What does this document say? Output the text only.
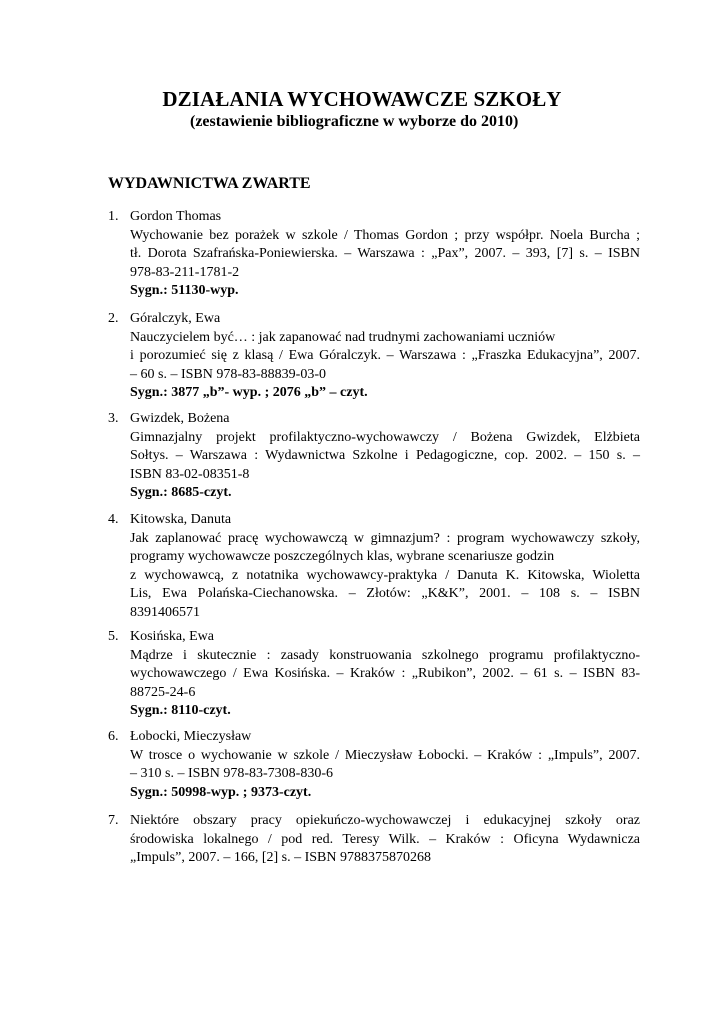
DZIAŁANIA WYCHOWAWCZE SZKOŁY
(zestawienie bibliograficzne w wyborze do 2010)
WYDAWNICTWA ZWARTE
1. Gordon Thomas
Wychowanie bez porażek w szkole / Thomas Gordon ; przy współpr. Noela Burcha ;
tł. Dorota Szafrańska-Poniewierska. – Warszawa : „Pax”, 2007. – 393, [7] s. – ISBN
978-83-211-1781-2
Sygn.: 51130-wyp.
2. Góralczyk, Ewa
Nauczycielem być… : jak zapanować nad trudnymi zachowaniami uczniów
i porozumieć się z klasą / Ewa Góralczyk. – Warszawa : „Fraszka Edukacyjna”, 2007.
– 60 s. – ISBN 978-83-88839-03-0
Sygn.: 3877 „b”- wyp. ; 2076 „b” – czyt.
3. Gwizdek, Bożena
Gimnazjalny projekt profilaktyczno-wychowawczy / Bożena Gwizdek, Elżbieta
Sołtys. – Warszawa : Wydawnictwa Szkolne i Pedagogiczne, cop. 2002. – 150 s. –
ISBN 83-02-08351-8
Sygn.: 8685-czyt.
4. Kitowska, Danuta
Jak zaplanować pracę wychowawczą w gimnazjum? : program wychowawczy szkoły,
programy wychowawcze poszczególnych klas, wybrane scenariusze godzin
z wychowawcą, z notatnika wychowawcy-praktyka / Danuta K. Kitowska, Wioletta
Lis, Ewa Polańska-Ciechanowska. – Złotów: „K&K”, 2001. – 108 s. – ISBN
8391406571
5. Kosińska, Ewa
Mądrze i skutecznie : zasady konstruowania szkolnego programu profilaktyczno-
wychowawczego / Ewa Kosińska. – Kraków : „Rubikon”, 2002. – 61 s. – ISBN 83-
88725-24-6
Sygn.: 8110-czyt.
6. Łobocki, Mieczysław
W trosce o wychowanie w szkole / Mieczysław Łobocki. – Kraków : „Impuls”, 2007.
– 310 s. – ISBN 978-83-7308-830-6
Sygn.: 50998-wyp. ; 9373-czyt.
7. Niektóre obszary pracy opiekuńczo-wychowawczej i edukacyjnej szkoły oraz
środowiska lokalnego / pod red. Teresy Wilk. – Kraków : Oficyna Wydawnicza
„Impuls”, 2007. – 166, [2] s. – ISBN 9788375870268
